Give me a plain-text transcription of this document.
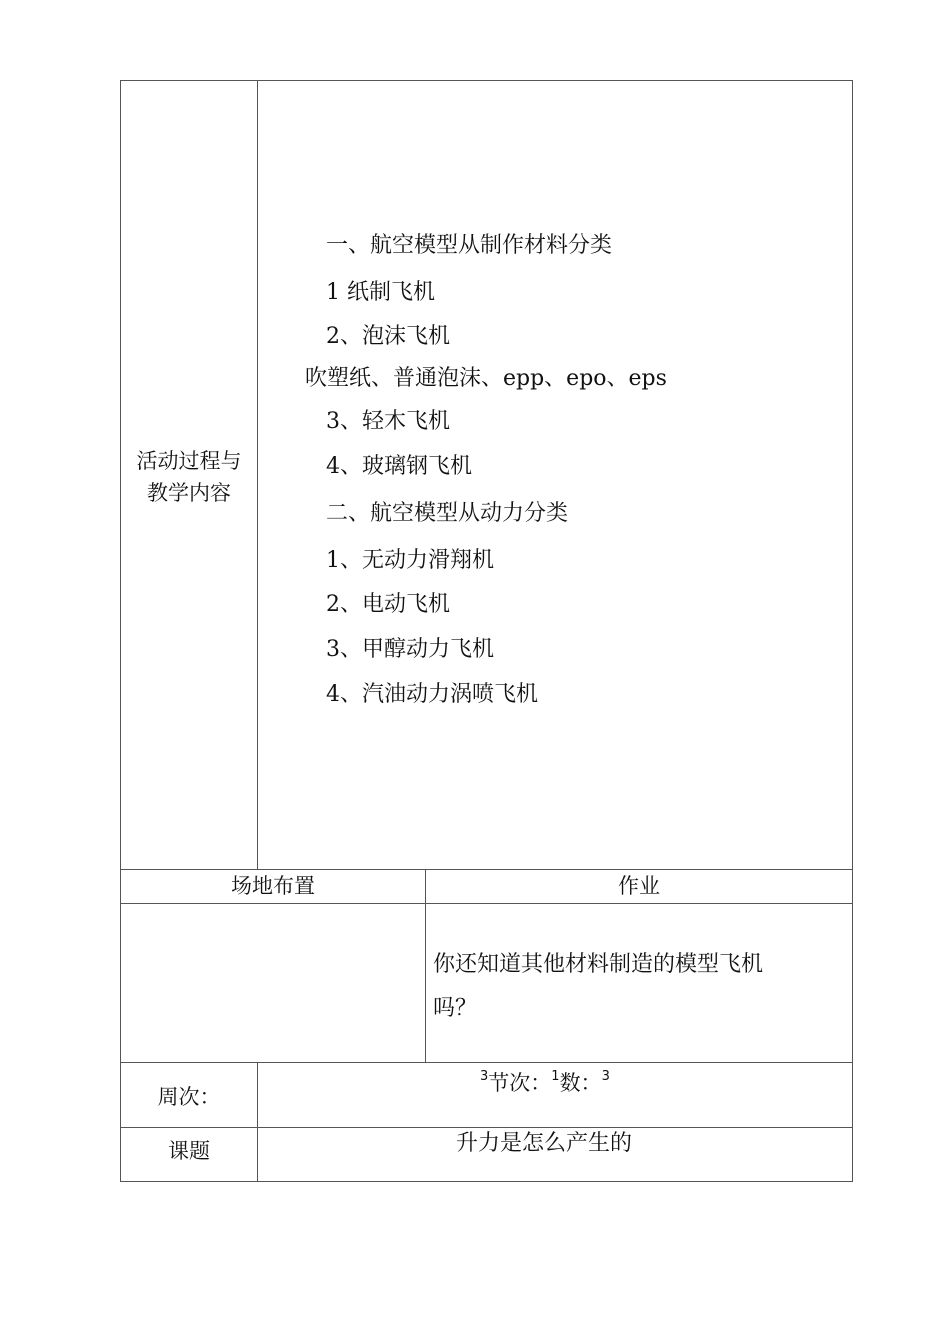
活动过程与
教学内容
一、航空模型从制作材料分类
1 纸制飞机
2、泡沫飞机
吹塑纸、普通泡沫、epp、epo、eps
3、轻木飞机
4、玻璃钢飞机
二、航空模型从动力分类
1、无动力滑翔机
2、电动飞机
3、甲醇动力飞机
4、汽油动力涡喷飞机
场地布置	作业
你还知道其他材料制造的模型飞机
吗？
周次：
$^3$节次：$^1$数：$^3$
课题	升力是怎么产生的
